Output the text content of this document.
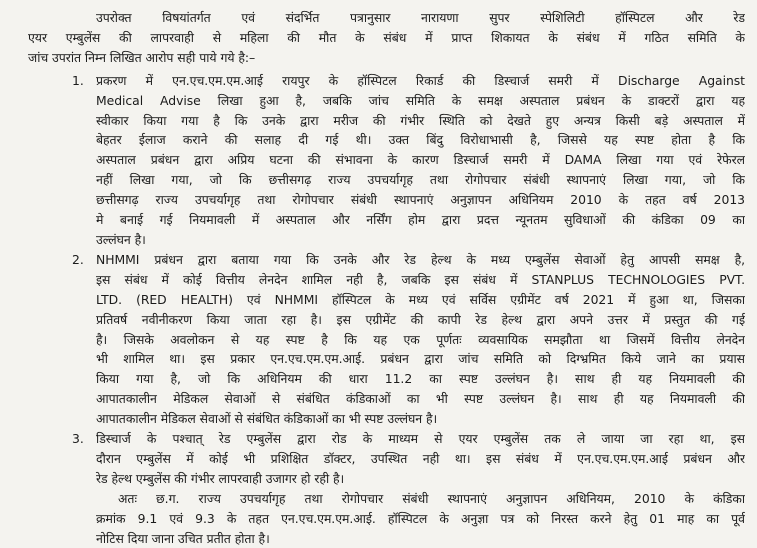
उपरोक्त विषयांतर्गत एवं संदर्भित पत्रानुसार नारायणा सुपर स्पेशिलिटी हॉस्पिटल और रेड
एयर एम्बुलेंस की लापरवाही से महिला की मौत के संबंध में प्राप्त शिकायत के संबंध में गठित समिति के
जांच उपरांत निम्न लिखित आरोप सही पाये गये है:–
1. प्रकरण में एन.एच.एम.एम.आई रायपुर के हॉस्पिटल रिकार्ड की डिस्चार्ज समरी में Discharge Against
Medical Advise लिखा हुआ है, जबकि जांच समिति के समक्ष अस्पताल प्रबंधन के डाक्टरों द्वारा यह
स्वीकार किया गया है कि उनके द्वारा मरीज की गंभीर स्थिति को देखते हुए अन्यत्र किसी बड़े अस्पताल में
बेहतर ईलाज कराने की सलाह दी गई थी। उक्त बिंदु विरोधाभासी है, जिससे यह स्पष्ट होता है कि
अस्पताल प्रबंधन द्वारा अप्रिय घटना की संभावना के कारण डिस्चार्ज समरी में DAMA लिखा गया एवं रेफेरल
नहीं लिखा गया, जो कि छत्तीसगढ़ राज्य उपचर्यागृह तथा रोगोपचार संबंधी स्थापनाएं लिखा गया, जो कि
छत्तीसगढ़ राज्य उपचर्यागृह तथा रोगोपचार संबंधी स्थापनाएं अनुज्ञापन अधिनियम 2010 के तहत वर्ष 2013
मे बनाई गई नियमावली में अस्पताल और नर्सिंग होम द्वारा प्रदत्त न्यूनतम सुविधाओं की कंडिका 09 का
उल्लंघन है।
2. NHMMI प्रबंधन द्वारा बताया गया कि उनके और रेड हेल्थ के मध्य एम्बुलेंस सेवाओं हेतु आपसी समक्ष है,
इस संबंध में कोई वित्तीय लेनदेन शामिल नही है, जबकि इस संबंध में STANPLUS TECHNOLOGIES PVT.
LTD. (RED HEALTH) एवं NHMMI हॉस्पिटल के मध्य एवं सर्विस एग्रीमेंट वर्ष 2021 में हुआ था, जिसका
प्रतिवर्ष नवीनीकरण किया जाता रहा है। इस एग्रीमेंट की कापी रेड हेल्थ द्वारा अपने उत्तर में प्रस्तुत की गई
है। जिसके अवलोकन से यह स्पष्ट है कि यह एक पूर्णतः व्यवसायिक समझौता था जिसमें वित्तीय लेनदेन
भी शामिल था। इस प्रकार एन.एच.एम.एम.आई. प्रबंधन द्वारा जांच समिति को दिग्भ्रमित किये जाने का प्रयास
किया गया है, जो कि अधिनियम की धारा 11.2 का स्पष्ट उल्लंघन है। साथ ही यह नियमावली की
आपातकालीन मेडिकल सेवाओं से संबंधित कंडिकाओं का भी स्पष्ट उल्लंघन है। साथ ही यह नियमावली की
आपातकालीन मेडिकल सेवाओं से संबंधित कंडिकाओं का भी स्पष्ट उल्लंघन है।
3. डिस्चार्ज के पश्चात् रेड एम्बुलेंस द्वारा रोड के माध्यम से एयर एम्बुलेंस तक ले जाया जा रहा था, इस
दौरान एम्बुलेंस में कोई भी प्रशिक्षित डॉक्टर, उपस्थित नही था। इस संबंध में एन.एच.एम.एम.आई प्रबंधन और
रेड हेल्थ एम्बुलेंस की गंभीर लापरवाही उजागर हो रही है।
अतः छ.ग. राज्य उपचर्यागृह तथा रोगोपचार संबंधी स्थापनाएं अनुज्ञापन अधिनियम, 2010 के कंडिका
क्रमांक 9.1 एवं 9.3 के तहत एन.एच.एम.एम.आई. हॉस्पिटल के अनुज्ञा पत्र को निरस्त करने हेतु 01 माह का पूर्व
नोटिस दिया जाना उचित प्रतीत होता है।
